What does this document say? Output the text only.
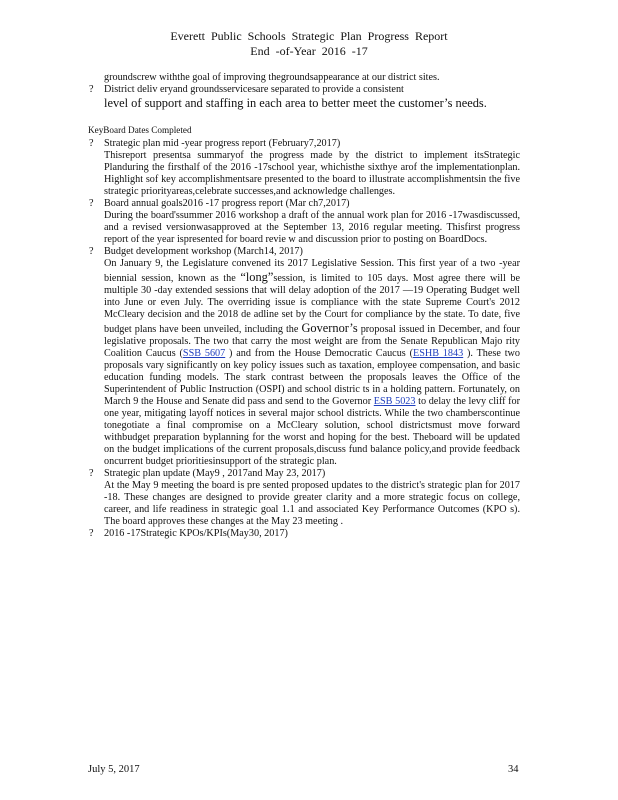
Everett Public Schools Strategic Plan Progress Report
End -of-Year 2016 -17
groundscrew withthe goal of improving thegroundsappearance at our district sites.
? District deliv eryand groundsservicesare separated to provide a consistent
level of support and staffing in each area to better meet the customer’s needs.
KeyBoard Dates Completed
? Strategic plan mid -year progress report (February7,2017)
Thisreport presentsa summaryof the progress made by the district to implement itsStrategic Planduring the firsthalf of the 2016 -17school year, whichisthe sixthye arof the implementationplan. Highlight sof key accomplishmentsare presented to the board to illustrate accomplishmentsin the five strategic priorityareas,celebrate successes,and acknowledge challenges.
? Board annual goals2016 -17 progress report (Mar ch7,2017)
During the board'ssummer 2016 workshop a draft of the annual work plan for 2016 -17wasdiscussed, and a revised versionwasapproved at the September 13, 2016 regular meeting. Thisfirst progress report of the year ispresented for board revie w and discussion prior to posting on BoardDocs.
? Budget development workshop (March14, 2017)
On January 9, the Legislature convened its 2017 Legislative Session. This first year of a two -year biennial session, known as the “long”session, is limited to 105 days. Most agree there will be multiple 30 -day extended sessions that will delay adoption of the 2017 —19 Operating Budget well into June or even July. The overriding issue is compliance with the state Supreme Court's 2012 McCleary decision and the 2018 de adline set by the Court for compliance by the state. To date, five budget plans have been unveiled, including the Governor’s proposal issued in December, and four legislative proposals. The two that carry the most weight are from the Senate Republican Majo rity Coalition Caucus (SSB 5607 ) and from the House Democratic Caucus (ESHB 1843 ). These two proposals vary significantly on key policy issues such as taxation, employee compensation, and basic education funding models. The stark contrast between the proposals leaves the Office of the Superintendent of Public Instruction (OSPI) and school distric ts in a holding pattern. Fortunately, on March 9 the House and Senate did pass and send to the Governor ESB 5023 to delay the levy cliff for one year, mitigating layoff notices in several major school districts. While the two chamberscontinue tonegotiate a final compromise on a McCleary solution, school districtsmust move forward withbudget preparation byplanning for the worst and hoping for the best. Theboard will be updated on the budget implications of the current proposals,discuss fund balance policy,and provide feedback oncurrent budget prioritiesinsupport of the strategic plan.
? Strategic plan update (May9 , 2017and May 23, 2017)
At the May 9 meeting the board is pre sented proposed updates to the district's strategic plan for 2017 -18. These changes are designed to provide greater clarity and a more strategic focus on college, career, and life readiness in strategic goal 1.1 and associated Key Performance Outcomes (KPO s). The board approves these changes at the May 23 meeting .
? 2016 -17Strategic KPOs/KPIs(May30, 2017)
July 5, 2017	34
